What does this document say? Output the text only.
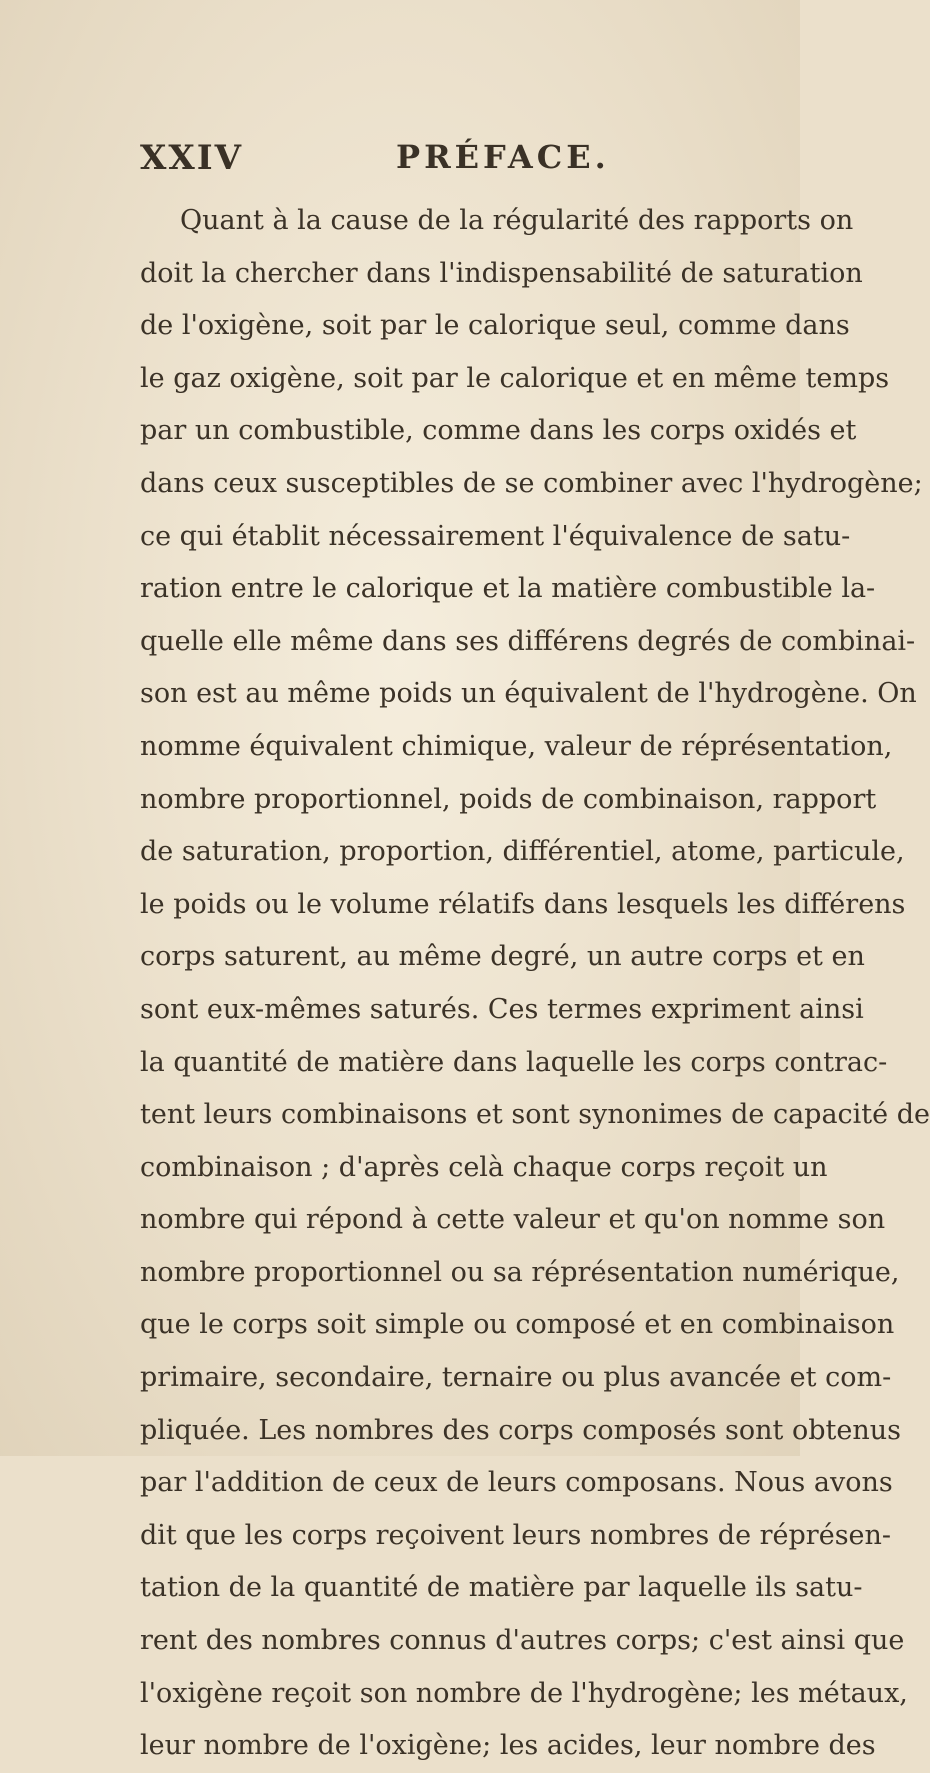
XXIV	PRÉFACE.
Quant à la cause de la régularité des rapports on
doit la chercher dans l'indispensabilité de saturation
de l'oxigène, soit par le calorique seul, comme dans
le gaz oxigène, soit par le calorique et en même temps
par un combustible, comme dans les corps oxidés et
dans ceux susceptibles de se combiner avec l'hydrogène;
ce qui établit nécessairement l'équivalence de satu-
ration entre le calorique et la matière combustible la-
quelle elle même dans ses différens degrés de combinai-
son est au même poids un équivalent de l'hydrogène. On
nomme équivalent chimique, valeur de réprésentation,
nombre proportionnel, poids de combinaison, rapport
de saturation, proportion, différentiel, atome, particule,
le poids ou le volume rélatifs dans lesquels les différens
corps saturent, au même degré, un autre corps et en
sont eux-mêmes saturés. Ces termes expriment ainsi
la quantité de matière dans laquelle les corps contrac-
tent leurs combinaisons et sont synonimes de capacité de
combinaison ; d'après celà chaque corps reçoit un
nombre qui répond à cette valeur et qu'on nomme son
nombre proportionnel ou sa réprésentation numérique,
que le corps soit simple ou composé et en combinaison
primaire, secondaire, ternaire ou plus avancée et com-
pliquée. Les nombres des corps composés sont obtenus
par l'addition de ceux de leurs composans. Nous avons
dit que les corps reçoivent leurs nombres de réprésen-
tation de la quantité de matière par laquelle ils satu-
rent des nombres connus d'autres corps; c'est ainsi que
l'oxigène reçoit son nombre de l'hydrogène; les métaux,
leur nombre de l'oxigène; les acides, leur nombre des
